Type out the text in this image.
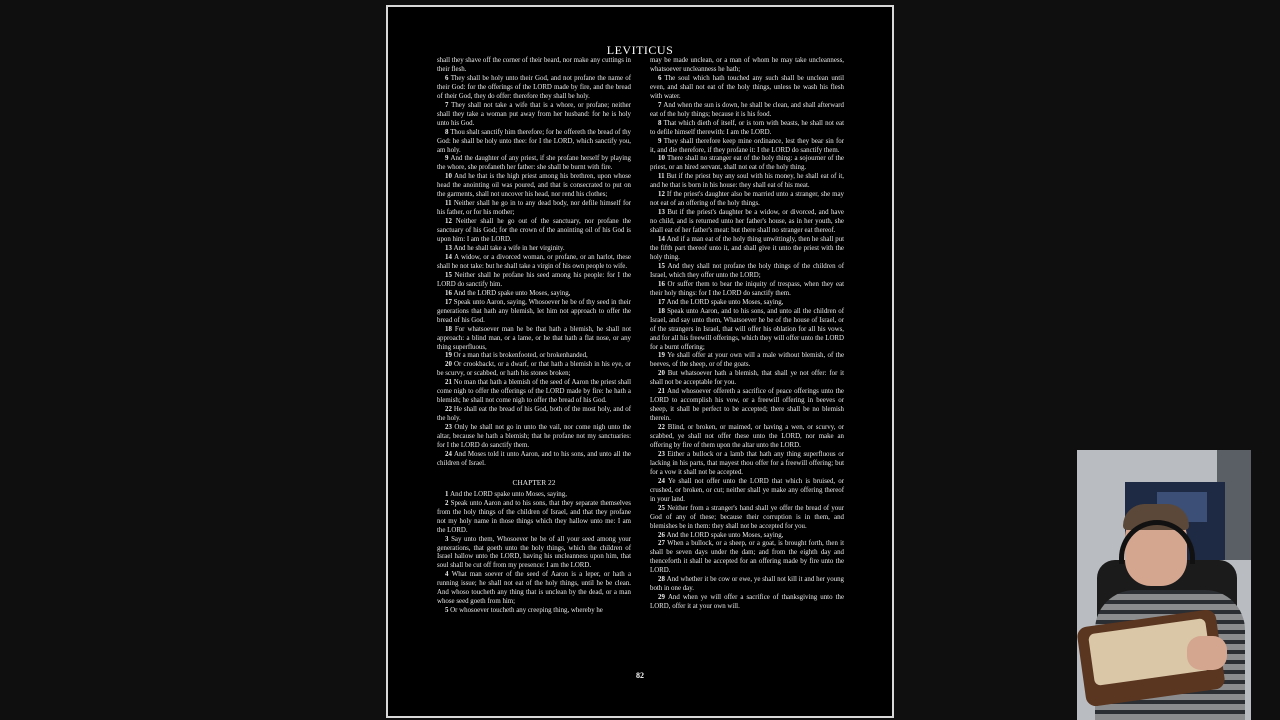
LEVITICUS

shall they shave off the corner of their beard, nor make any cuttings in their flesh.

6 They shall be holy unto their God, and not profane the name of their God: for the offerings of the LORD made by fire, and the bread of their God, they do offer: therefore they shall be holy.

7 They shall not take a wife that is a whore, or profane; neither shall they take a woman put away from her husband: for he is holy unto his God.

8 Thou shalt sanctify him therefore; for he offereth the bread of thy God: he shall be holy unto thee: for I the LORD, which sanctify you, am holy.

9 And the daughter of any priest, if she profane herself by playing the whore, she profaneth her father: she shall be burnt with fire.

10 And he that is the high priest among his brethren, upon whose head the anointing oil was poured, and that is consecrated to put on the garments, shall not uncover his head, nor rend his clothes;

11 Neither shall he go in to any dead body, nor defile himself for his father, or for his mother;

12 Neither shall he go out of the sanctuary, nor profane the sanctuary of his God; for the crown of the anointing oil of his God is upon him: I am the LORD.

13 And he shall take a wife in her virginity.

14 A widow, or a divorced woman, or profane, or an harlot, these shall he not take: but he shall take a virgin of his own people to wife.

15 Neither shall he profane his seed among his people: for I the LORD do sanctify him.

16 And the LORD spake unto Moses, saying,

17 Speak unto Aaron, saying, Whosoever he be of thy seed in their generations that hath any blemish, let him not approach to offer the bread of his God.

18 For whatsoever man he be that hath a blemish, he shall not approach: a blind man, or a lame, or he that hath a flat nose, or any thing superfluous,

19 Or a man that is brokenfooted, or brokenhanded,

20 Or crookbackt, or a dwarf, or that hath a blemish in his eye, or be scurvy, or scabbed, or hath his stones broken;

21 No man that hath a blemish of the seed of Aaron the priest shall come nigh to offer the offerings of the LORD made by fire: he hath a blemish; he shall not come nigh to offer the bread of his God.

22 He shall eat the bread of his God, both of the most holy, and of the holy.

23 Only he shall not go in unto the vail, nor come nigh unto the altar, because he hath a blemish; that he profane not my sanctuaries: for I the LORD do sanctify them.

24 And Moses told it unto Aaron, and to his sons, and unto all the children of Israel.

CHAPTER 22

1 And the LORD spake unto Moses, saying,

2 Speak unto Aaron and to his sons, that they separate themselves from the holy things of the children of Israel, and that they profane not my holy name in those things which they hallow unto me: I am the LORD.

3 Say unto them, Whosoever he be of all your seed among your generations, that goeth unto the holy things, which the children of Israel hallow unto the LORD, having his uncleanness upon him, that soul shall be cut off from my presence: I am the LORD.

4 What man soever of the seed of Aaron is a leper, or hath a running issue; he shall not eat of the holy things, until he be clean. And whoso toucheth any thing that is unclean by the dead, or a man whose seed goeth from him;

5 Or whosoever toucheth any creeping thing, whereby he

may be made unclean, or a man of whom he may take uncleanness, whatsoever uncleanness he hath;

6 The soul which hath touched any such shall be unclean until even, and shall not eat of the holy things, unless he wash his flesh with water.

7 And when the sun is down, he shall be clean, and shall afterward eat of the holy things; because it is his food.

8 That which dieth of itself, or is torn with beasts, he shall not eat to defile himself therewith: I am the LORD.

9 They shall therefore keep mine ordinance, lest they bear sin for it, and die therefore, if they profane it: I the LORD do sanctify them.

10 There shall no stranger eat of the holy thing: a sojourner of the priest, or an hired servant, shall not eat of the holy thing.

11 But if the priest buy any soul with his money, he shall eat of it, and he that is born in his house: they shall eat of his meat.

12 If the priest's daughter also be married unto a stranger, she may not eat of an offering of the holy things.

13 But if the priest's daughter be a widow, or divorced, and have no child, and is returned unto her father's house, as in her youth, she shall eat of her father's meat: but there shall no stranger eat thereof.

14 And if a man eat of the holy thing unwittingly, then he shall put the fifth part thereof unto it, and shall give it unto the priest with the holy thing.

15 And they shall not profane the holy things of the children of Israel, which they offer unto the LORD;

16 Or suffer them to bear the iniquity of trespass, when they eat their holy things: for I the LORD do sanctify them.

17 And the LORD spake unto Moses, saying,

18 Speak unto Aaron, and to his sons, and unto all the children of Israel, and say unto them, Whatsoever he be of the house of Israel, or of the strangers in Israel, that will offer his oblation for all his vows, and for all his freewill offerings, which they will offer unto the LORD for a burnt offering;

19 Ye shall offer at your own will a male without blemish, of the beeves, of the sheep, or of the goats.

20 But whatsoever hath a blemish, that shall ye not offer: for it shall not be acceptable for you.

21 And whosoever offereth a sacrifice of peace offerings unto the LORD to accomplish his vow, or a freewill offering in beeves or sheep, it shall be perfect to be accepted; there shall be no blemish therein.

22 Blind, or broken, or maimed, or having a wen, or scurvy, or scabbed, ye shall not offer these unto the LORD, nor make an offering by fire of them upon the altar unto the LORD.

23 Either a bullock or a lamb that hath any thing superfluous or lacking in his parts, that mayest thou offer for a freewill offering; but for a vow it shall not be accepted.

24 Ye shall not offer unto the LORD that which is bruised, or crushed, or broken, or cut; neither shall ye make any offering thereof in your land.

25 Neither from a stranger's hand shall ye offer the bread of your God of any of these; because their corruption is in them, and blemishes be in them: they shall not be accepted for you.

26 And the LORD spake unto Moses, saying,

27 When a bullock, or a sheep, or a goat, is brought forth, then it shall be seven days under the dam; and from the eighth day and thenceforth it shall be accepted for an offering made by fire unto the LORD.

28 And whether it be cow or ewe, ye shall not kill it and her young both in one day.

29 And when ye will offer a sacrifice of thanksgiving unto the LORD, offer it at your own will.

82
